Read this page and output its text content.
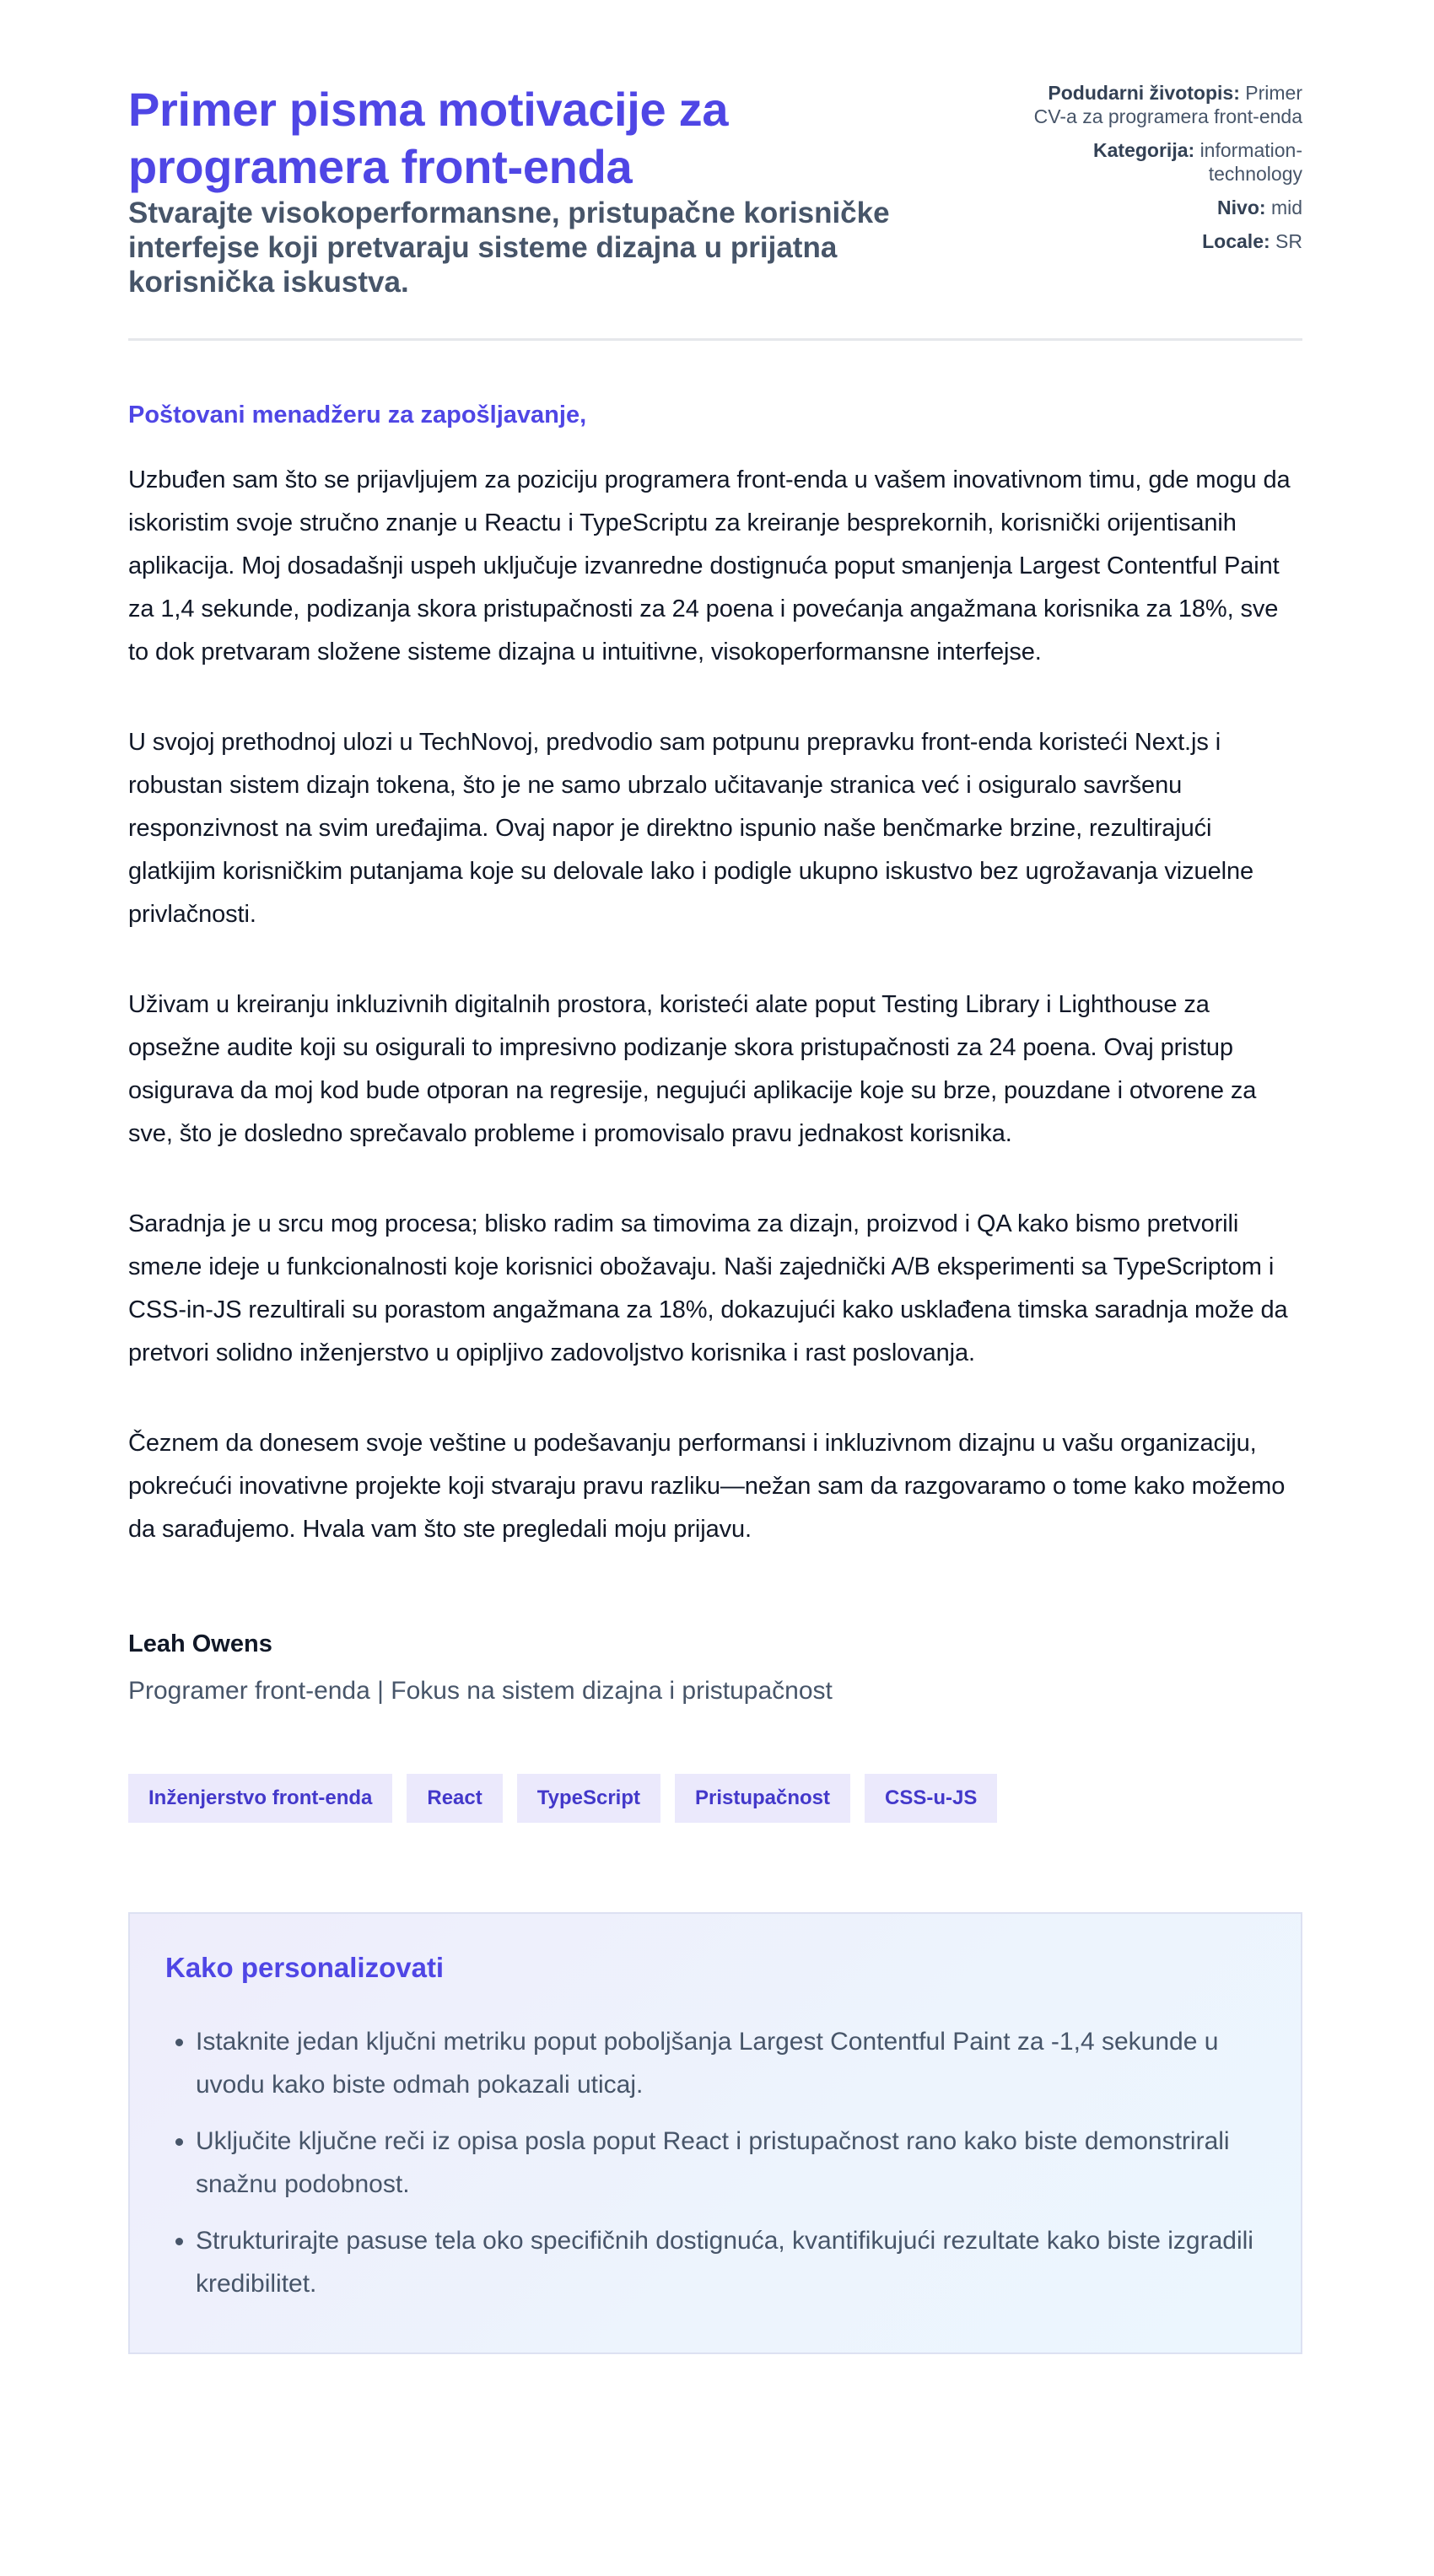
Primer pisma motivacije za programera front-enda

Stvarajte visokoperformansne, pristupačne korisničke interfejse koji pretvaraju sisteme dizajna u prijatna korisnička iskustva.

Podudarni životopis: Primer CV-a za programera front-enda
Kategorija: information-technology
Nivo: mid
Locale: SR

Poštovani menadžeru za zapošljavanje,

Uzbuđen sam što se prijavljujem za poziciju programera front-enda u vašem inovativnom timu, gde mogu da iskoristim svoje stručno znanje u Reactu i TypeScriptu za kreiranje besprekornih, korisnički orijentisanih aplikacija. Moj dosadašnji uspeh uključuje izvanredne dostignuća poput smanjenja Largest Contentful Paint za 1,4 sekunde, podizanja skora pristupačnosti za 24 poena i povećanja angažmana korisnika za 18%, sve to dok pretvaram složene sisteme dizajna u intuitivne, visokoperformansne interfejse.

U svojoj prethodnoj ulozi u TechNovoj, predvodio sam potpunu prepravku front-enda koristeći Next.js i robustan sistem dizajn tokena, što je ne samo ubrzalo učitavanje stranica već i osiguralo savršenu responzivnost na svim uređajima. Ovaj napor je direktno ispunio naše benčmarke brzine, rezultirajući glatkijim korisničkim putanjama koje su delovale lako i podigle ukupno iskustvo bez ugrožavanja vizuelne privlačnosti.

Uživam u kreiranju inkluzivnih digitalnih prostora, koristeći alate poput Testing Library i Lighthouse za opsežne audite koji su osigurali to impresivno podizanje skora pristupačnosti za 24 poena. Ovaj pristup osigurava da moj kod bude otporan na regresije, negujući aplikacije koje su brze, pouzdane i otvorene za sve, što je dosledno sprečavalo probleme i promovisalo pravu jednakost korisnika.

Saradnja je u srcu mog procesa; blisko radim sa timovima za dizajn, proizvod i QA kako bismo pretvorili smeлe ideje u funkcionalnosti koje korisnici obožavaju. Naši zajednički A/B eksperimenti sa TypeScriptom i CSS-in-JS rezultirali su porastom angažmana za 18%, dokazujući kako usklađena timska saradnja može da pretvori solidno inženjerstvo u opipljivo zadovoljstvo korisnika i rast poslovanja.

Čeznem da donesem svoje veštine u podešavanju performansi i inkluzivnom dizajnu u vašu organizaciju, pokrećući inovativne projekte koji stvaraju pravu razliku—nežan sam da razgovaramo o tome kako možemo da sarađujemo. Hvala vam što ste pregledali moju prijavu.

Leah Owens
Programer front-enda | Fokus na sistem dizajna i pristupačnost
Inženjerstvo front-enda	React	TypeScript	Pristupačnost	CSS-u-JS
Kako personalizovati
• Istaknite jedan ključni metriku poput poboljšanja Largest Contentful Paint za -1,4 sekunde u uvodu kako biste odmah pokazali uticaj.
• Uključite ključne reči iz opisa posla poput React i pristupačnost rano kako biste demonstrirali snažnu podobnost.
• Strukturirajte pasuse tela oko specifičnih dostignuća, kvantifikujući rezultate kako biste izgradili kredibilitet.
